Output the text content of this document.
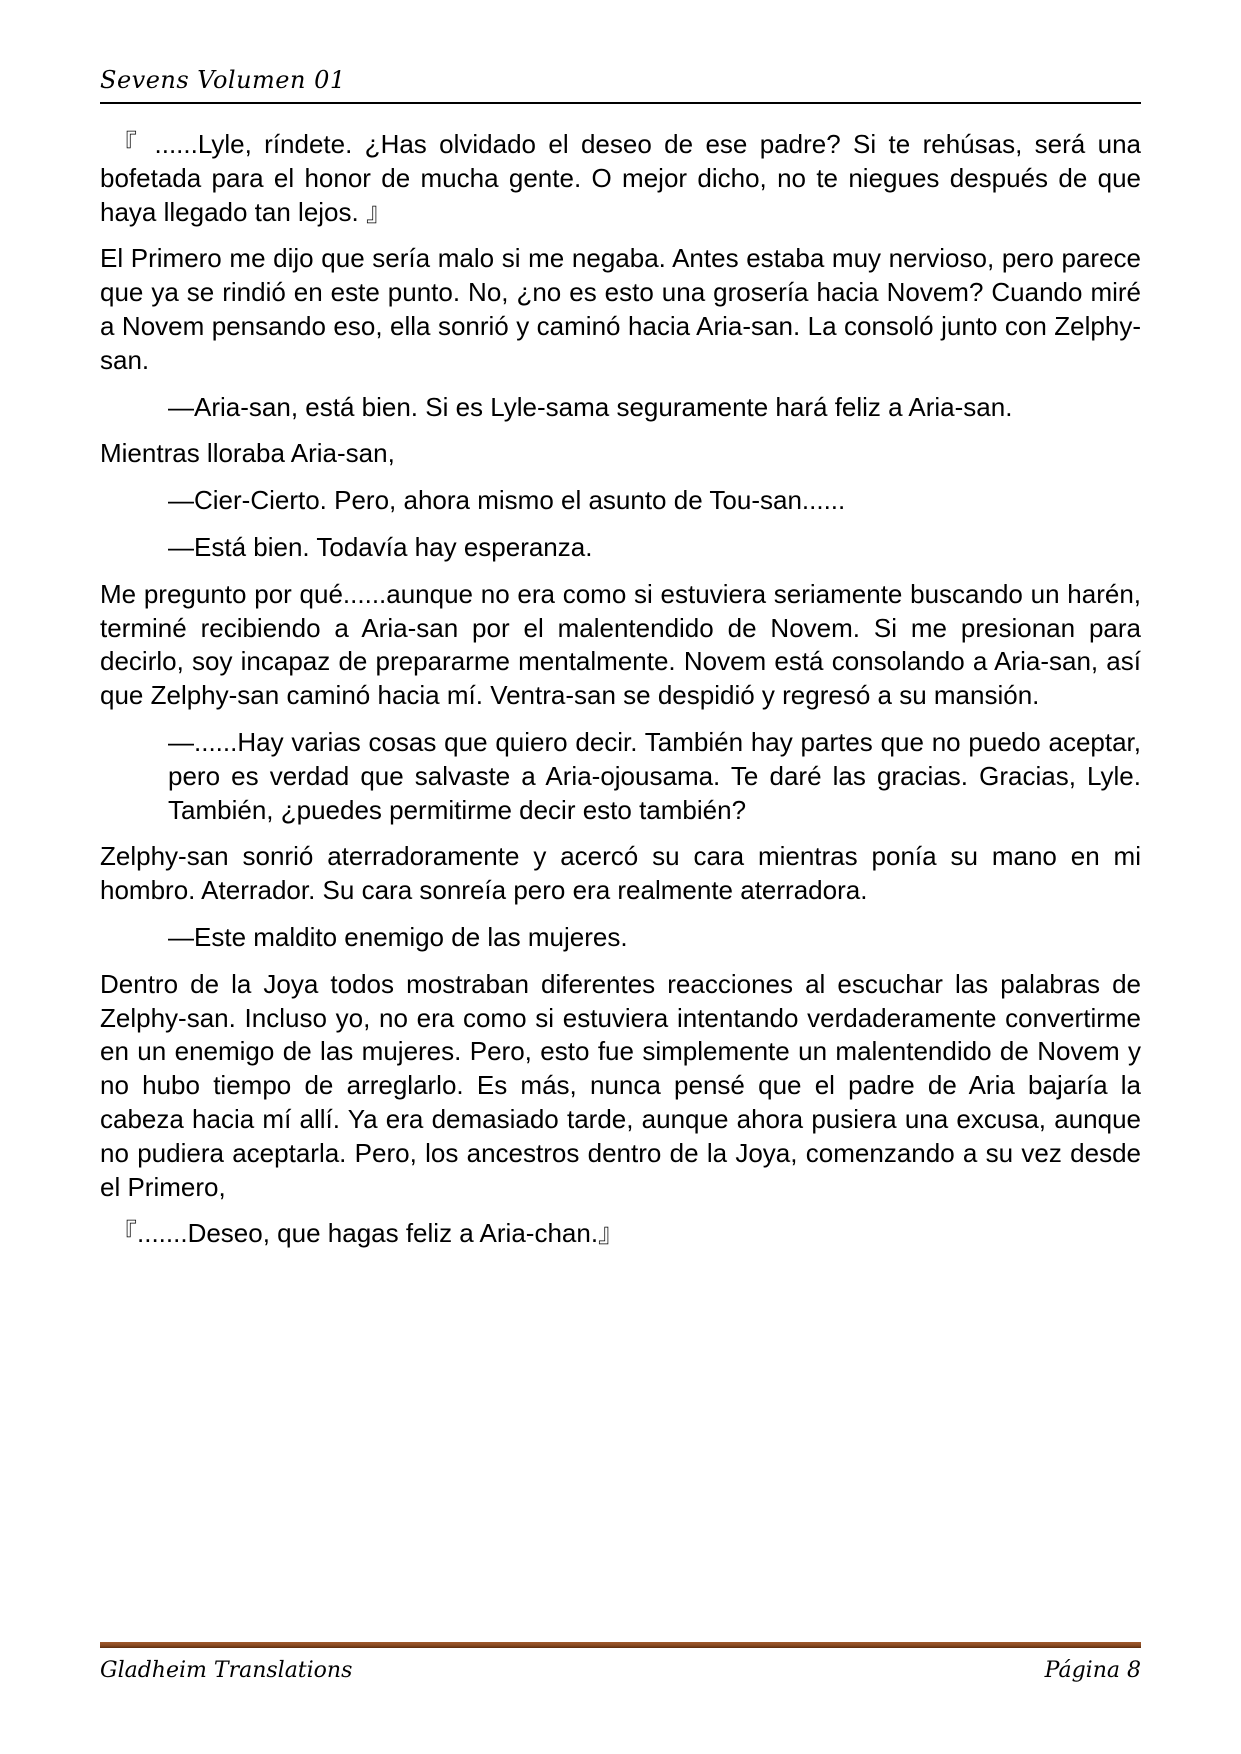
Sevens Volumen 01

『 ......Lyle, ríndete. ¿Has olvidado el deseo de ese padre? Si te rehúsas, será una bofetada para el honor de mucha gente. O mejor dicho, no te niegues después de que haya llegado tan lejos. 』

El Primero me dijo que sería malo si me negaba. Antes estaba muy nervioso, pero parece que ya se rindió en este punto. No, ¿no es esto una grosería hacia Novem? Cuando miré a Novem pensando eso, ella sonrió y caminó hacia Aria-san. La consoló junto con Zelphy-san.

—Aria-san, está bien. Si es Lyle-sama seguramente hará feliz a Aria-san.

Mientras lloraba Aria-san,

—Cier-Cierto. Pero, ahora mismo el asunto de Tou-san......

—Está bien. Todavía hay esperanza.

Me pregunto por qué......aunque no era como si estuviera seriamente buscando un harén, terminé recibiendo a Aria-san por el malentendido de Novem. Si me presionan para decirlo, soy incapaz de prepararme mentalmente. Novem está consolando a Aria-san, así que Zelphy-san caminó hacia mí. Ventra-san se despidió y regresó a su mansión.

—......Hay varias cosas que quiero decir. También hay partes que no puedo aceptar, pero es verdad que salvaste a Aria-ojousama. Te daré las gracias. Gracias, Lyle. También, ¿puedes permitirme decir esto también?

Zelphy-san sonrió aterradoramente y acercó su cara mientras ponía su mano en mi hombro. Aterrador. Su cara sonreía pero era realmente aterradora.

—Este maldito enemigo de las mujeres.

Dentro de la Joya todos mostraban diferentes reacciones al escuchar las palabras de Zelphy-san. Incluso yo, no era como si estuviera intentando verdaderamente convertirme en un enemigo de las mujeres. Pero, esto fue simplemente un malentendido de Novem y no hubo tiempo de arreglarlo. Es más, nunca pensé que el padre de Aria bajaría la cabeza hacia mí allí. Ya era demasiado tarde, aunque ahora pusiera una excusa, aunque no pudiera aceptarla. Pero, los ancestros dentro de la Joya, comenzando a su vez desde el Primero,

『.......Deseo, que hagas feliz a Aria-chan.』

Gladheim Translations	Página 8
